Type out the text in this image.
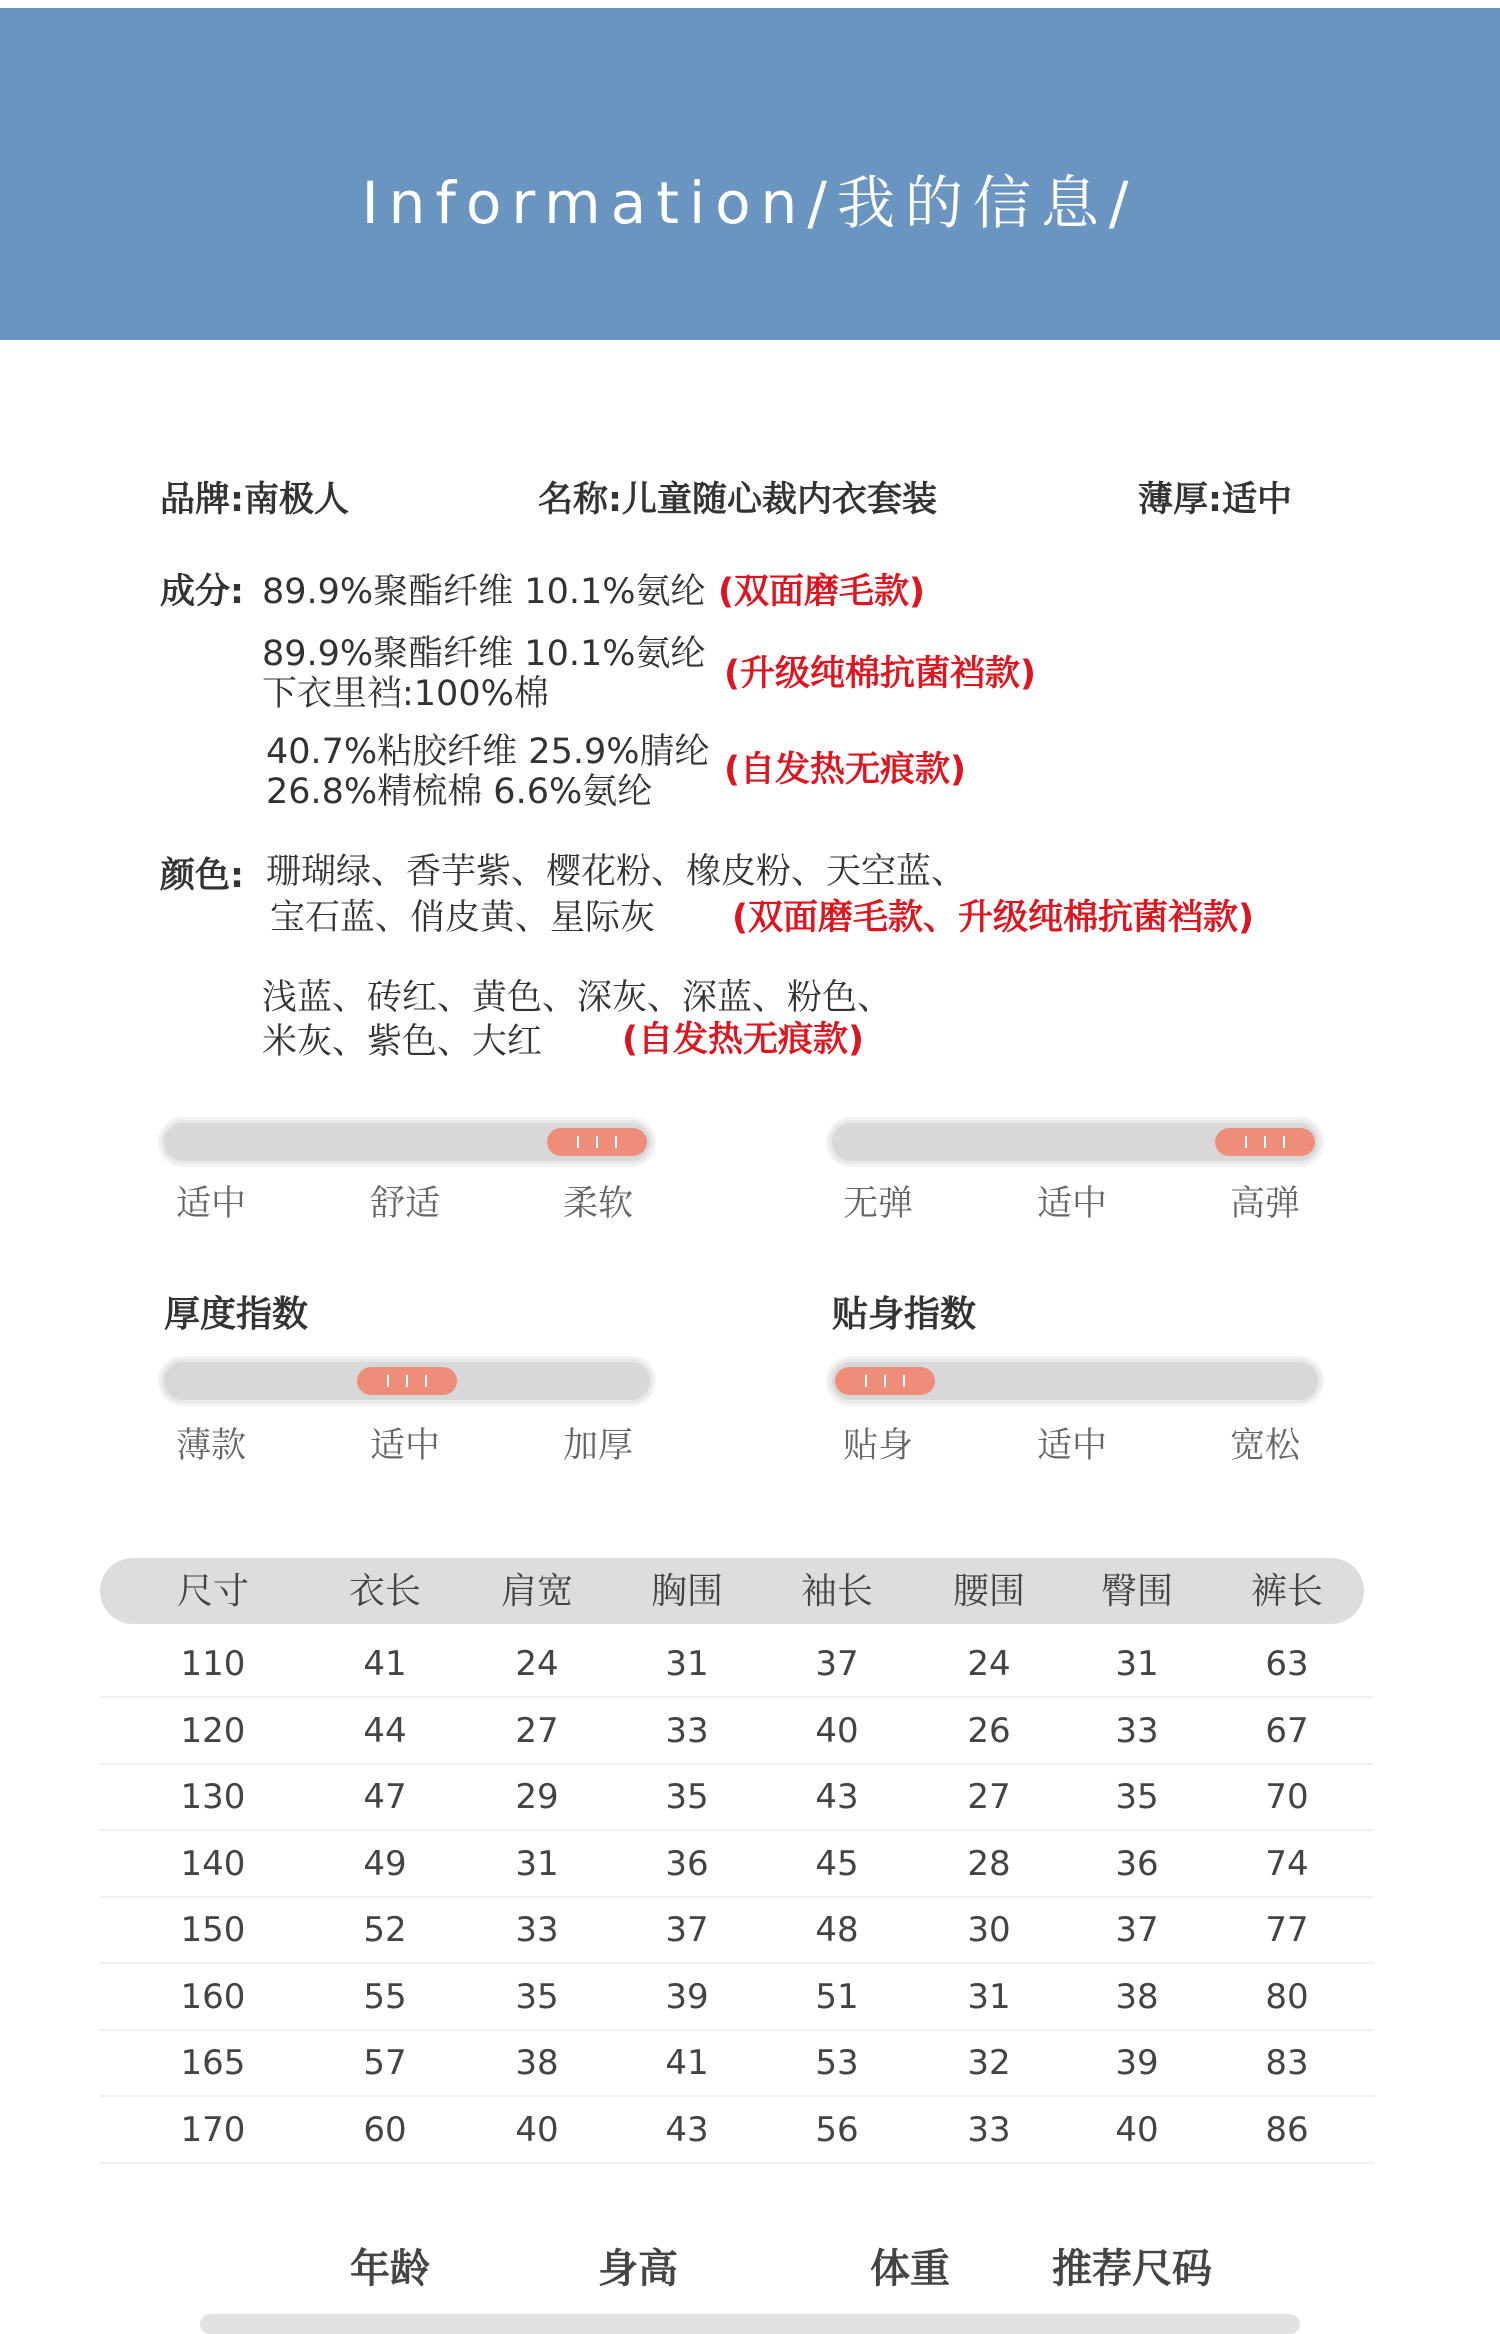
Information/我的信息/
品牌:南极人	名称:儿童随心裁内衣套装	薄厚:适中
成分: 89.9%聚酯纤维 10.1%氨纶 (双面磨毛款)
89.9%聚酯纤维 10.1%氨纶
下衣里裆:100%棉	(升级纯棉抗菌裆款)
40.7%粘胶纤维 25.9%腈纶
26.8%精梳棉 6.6%氨纶
(自发热无痕款)
颜色: 珊瑚绿、香芋紫、樱花粉、橡皮粉、天空蓝、
宝石蓝、俏皮黄、星际灰 (双面磨毛款、升级纯棉抗菌裆款)
浅蓝、砖红、黄色、深灰、深蓝、粉色、
米灰、紫色、大红 (自发热无痕款)
适中	舒适	柔软	无弹	适中	高弹
厚度指数
薄款	适中	加厚
贴身指数
贴身	适中	宽松
尺寸	衣长	肩宽	胸围	袖长	腰围	臀围	裤长
110	41	24	31	37	24	31	63
120	44	27	33	40	26	33	67
130	47	29	35	43	27	35	70
140	49	31	36	45	28	36	74
150	52	33	37	48	30	37	77
160	55	35	39	51	31	38	80
165	57	38	41	53	32	39	83
170	60	40	43	56	33	40	86
年龄	身高	体重	推荐尺码
